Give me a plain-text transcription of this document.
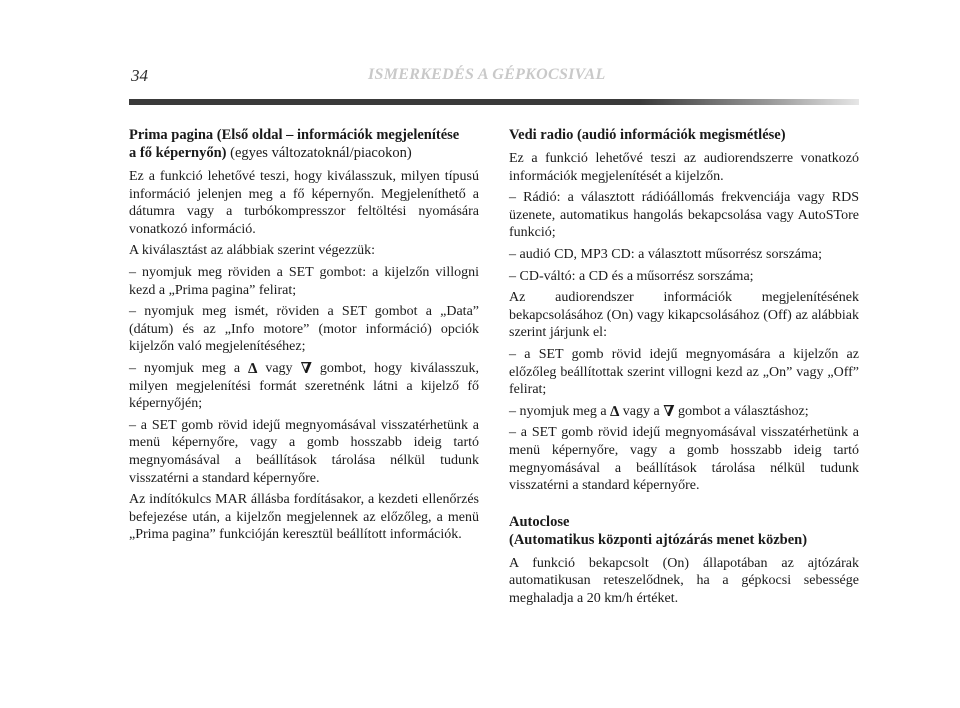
34	ISMERKEDÉS A GÉPKOCSIVAL
Prima pagina (Első oldal – információk megjelenítése
a fő képernyőn) (egyes változatoknál/piacokon)

Ez a funkció lehetővé teszi, hogy kiválasszuk, milyen típusú információ jelenjen meg a fő képernyőn. Megjeleníthető a dátumra vagy a turbókompresszor feltöltési nyomására vonatkozó információ.

A kiválasztást az alábbiak szerint végezzük:

– nyomjuk meg röviden a SET gombot: a kijelzőn villogni kezd a „Prima pagina” felirat;

– nyomjuk meg ismét, röviden a SET gombot a „Data” (dátum) és az „Info motore” (motor információ) opciók kijelzőn való megjelenítéséhez;

– nyomjuk meg a ∆ vagy ∇ gombot, hogy kiválasszuk, milyen megjelenítési formát szeretnénk látni a kijelző fő képernyőjén;

– a SET gomb rövid idejű megnyomásával visszatérhetünk a menü képernyőre, vagy a gomb hosszabb ideig tartó megnyomásával a beállítások tárolása nélkül tudunk visszatérni a standard képernyőre.

Az indítókulcs MAR állásba fordításakor, a kezdeti ellenőrzés befejezése után, a kijelzőn megjelennek az előzőleg, a menü „Prima pagina” funkcióján keresztül beállított információk.

Vedi radio (audió információk megismétlése)

Ez a funkció lehetővé teszi az audiorendszerre vonatkozó információk megjelenítését a kijelzőn.

– Rádió: a választott rádióállomás frekvenciája vagy RDS üzenete, automatikus hangolás bekapcsolása vagy AutoSTore funkció;

– audió CD, MP3 CD: a választott műsorrész sorszáma;

– CD-váltó: a CD és a műsorrész sorszáma;

Az audiorendszer információk megjelenítésének bekapcsolásához (On) vagy kikapcsolásához (Off) az alábbiak szerint járjunk el:

– a SET gomb rövid idejű megnyomására a kijelzőn az előzőleg beállítottak szerint villogni kezd az „On” vagy „Off” felirat;

– nyomjuk meg a ∆ vagy a ∇ gombot a választáshoz;

– a SET gomb rövid idejű megnyomásával visszatérhetünk a menü képernyőre, vagy a gomb hosszabb ideig tartó megnyomásával a beállítások tárolása nélkül tudunk visszatérni a standard képernyőre.

Autoclose
(Automatikus központi ajtózárás menet közben)

A funkció bekapcsolt (On) állapotában az ajtózárak automatikusan reteszelődnek, ha a gépkocsi sebessége meghaladja a 20 km/h értéket.
